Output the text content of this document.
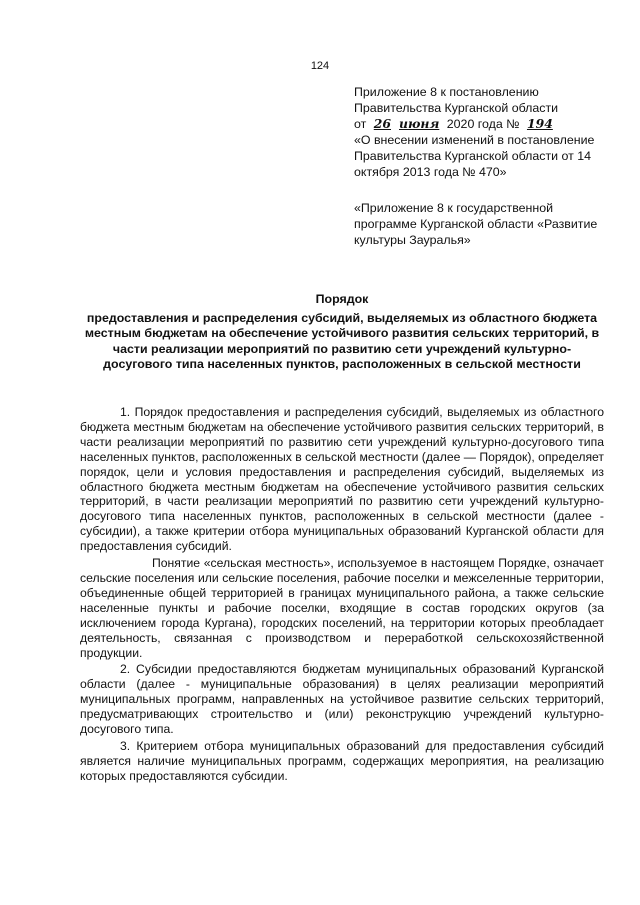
124

Приложение 8 к постановлению

Правительства Курганской области

от 26 июня 2020 года № 194

«О внесении изменений в постановление Правительства Курганской области от 14 октября 2013 года № 470»

«Приложение 8 к государственной программе Курганской области «Развитие культуры Зауралья»

Порядок

предоставления и распределения субсидий, выделяемых из областного бюджета местным бюджетам на обеспечение устойчивого развития сельских территорий, в части реализации мероприятий по развитию сети учреждений культурно-досугового типа населенных пунктов, расположенных в сельской местности

1. Порядок предоставления и распределения субсидий, выделяемых из областного бюджета местным бюджетам на обеспечение устойчивого развития сельских территорий, в части реализации мероприятий по развитию сети учреждений культурно-досугового типа населенных пунктов, расположенных в сельской местности (далее — Порядок), определяет порядок, цели и условия предоставления и распределения субсидий, выделяемых из областного бюджета местным бюджетам на обеспечение устойчивого развития сельских территорий, в части реализации мероприятий по развитию сети учреждений культурно-досугового типа населенных пунктов, расположенных в сельской местности (далее - субсидии), а также критерии отбора муниципальных образований Курганской области для предоставления субсидий.

Понятие «сельская местность», используемое в настоящем Порядке, означает сельские поселения или сельские поселения, рабочие поселки и межселенные территории, объединенные общей территорией в границах муниципального района, а также сельские населенные пункты и рабочие поселки, входящие в состав городских округов (за исключением города Кургана), городских поселений, на территории которых преобладает деятельность, связанная с производством и переработкой сельскохозяйственной продукции.

2. Субсидии предоставляются бюджетам муниципальных образований Курганской области (далее - муниципальные образования) в целях реализации мероприятий муниципальных программ, направленных на устойчивое развитие сельских территорий, предусматривающих строительство и (или) реконструкцию учреждений культурно-досугового типа.

3. Критерием отбора муниципальных образований для предоставления субсидий является наличие муниципальных программ, содержащих мероприятия, на реализацию которых предоставляются субсидии.
